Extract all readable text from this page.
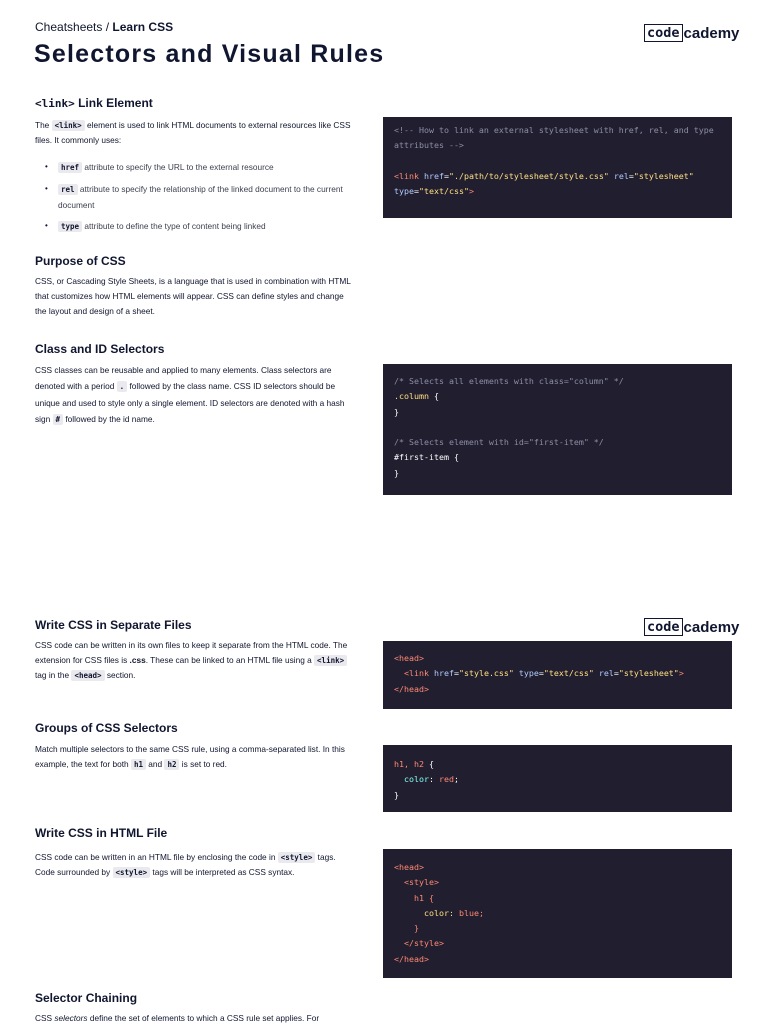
Cheatsheets / Learn CSS
Selectors and Visual Rules
code cademy
<link> Link Element
The <link> element is used to link HTML documents to external resources like CSS files. It commonly uses:
•	href attribute to specify the URL to the external resource
•	rel attribute to specify the relationship of the linked document to the current document
•	type attribute to define the type of content being linked
<!-- How to link an external stylesheet with href, rel, and type
attributes -->

<link href="./path/to/stylesheet/style.css" rel="stylesheet"
type="text/css">
Purpose of CSS
CSS, or Cascading Style Sheets, is a language that is used in combination with HTML that customizes how HTML elements will appear. CSS can define styles and change the layout and design of a sheet.
Class and ID Selectors
CSS classes can be reusable and applied to many elements. Class selectors are denoted with a period . followed by the class name. CSS ID selectors should be unique and used to style only a single element. ID selectors are denoted with a hash sign # followed by the id name.
/* Selects all elements with class="column" */
.column {
}

/* Selects element with id="first-item" */
#first-item {
}
code cademy
Write CSS in Separate Files
CSS code can be written in its own files to keep it separate from the HTML code. The extension for CSS files is .css. These can be linked to an HTML file using a <link> tag in the <head> section.
<head>
<link href="style.css" type="text/css" rel="stylesheet">
</head>
Groups of CSS Selectors
Match multiple selectors to the same CSS rule, using a comma-separated list. In this example, the text for both h1 and h2 is set to red.	h1, h2 {
color: red;
}
Write CSS in HTML File
CSS code can be written in an HTML file by enclosing the code in <style> tags. Code surrounded by <style> tags will be interpreted as CSS syntax.	<head>
<style>
h1 {
color: blue;
}
</style>
</head>
Selector Chaining
CSS selectors define the set of elements to which a CSS rule set applies. For
